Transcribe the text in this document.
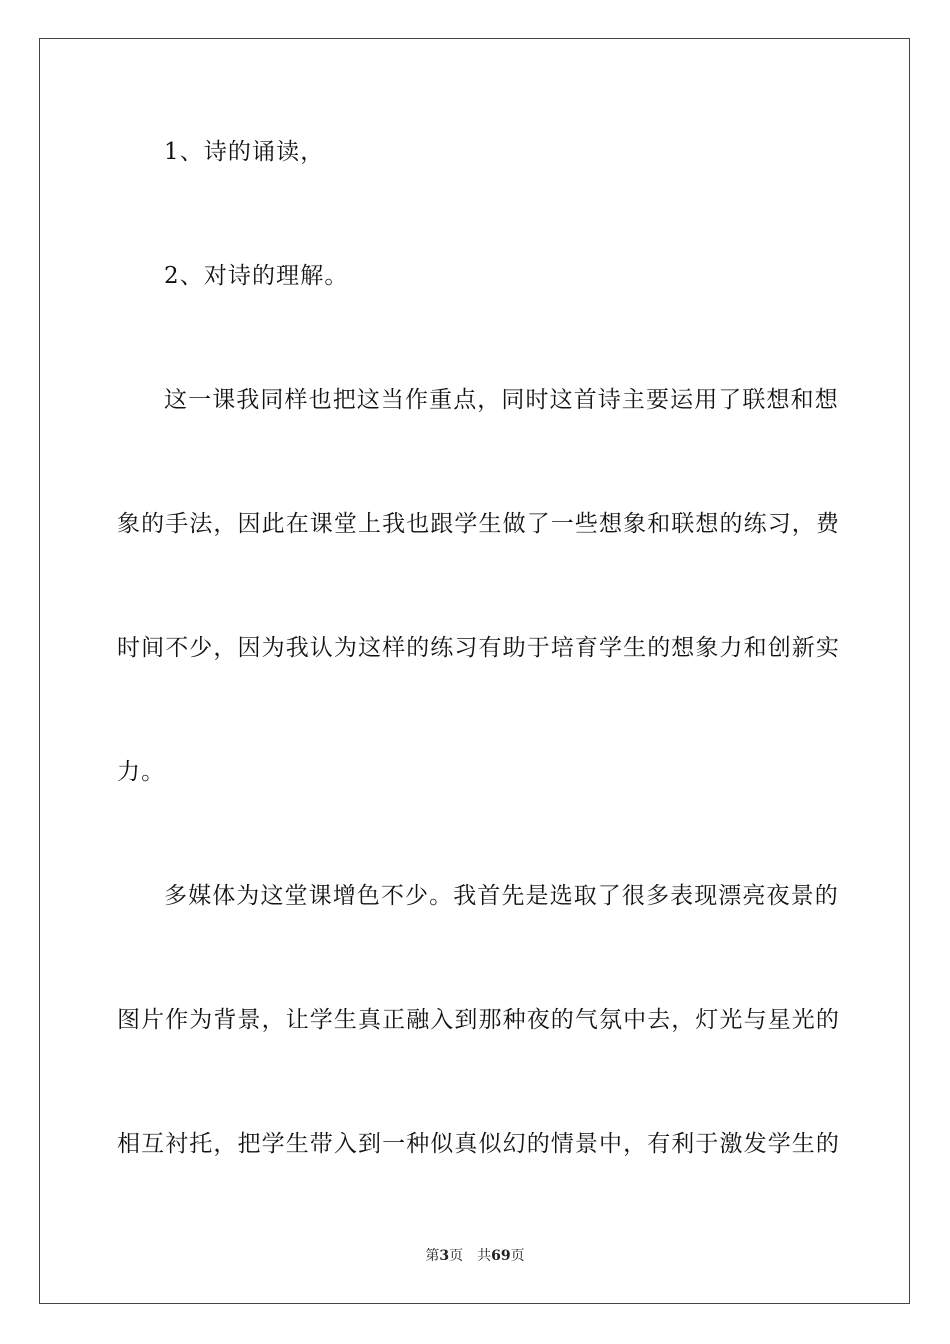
1、诗的诵读，
2、对诗的理解。
这一课我同样也把这当作重点，同时这首诗主要运用了联想和想
象的手法，因此在课堂上我也跟学生做了一些想象和联想的练习，费
时间不少，因为我认为这样的练习有助于培育学生的想象力和创新实
力。
多媒体为这堂课增色不少。我首先是选取了很多表现漂亮夜景的
图片作为背景，让学生真正融入到那种夜的气氛中去，灯光与星光的
相互衬托，把学生带入到一种似真似幻的情景中，有利于激发学生的
第3页 共69页
